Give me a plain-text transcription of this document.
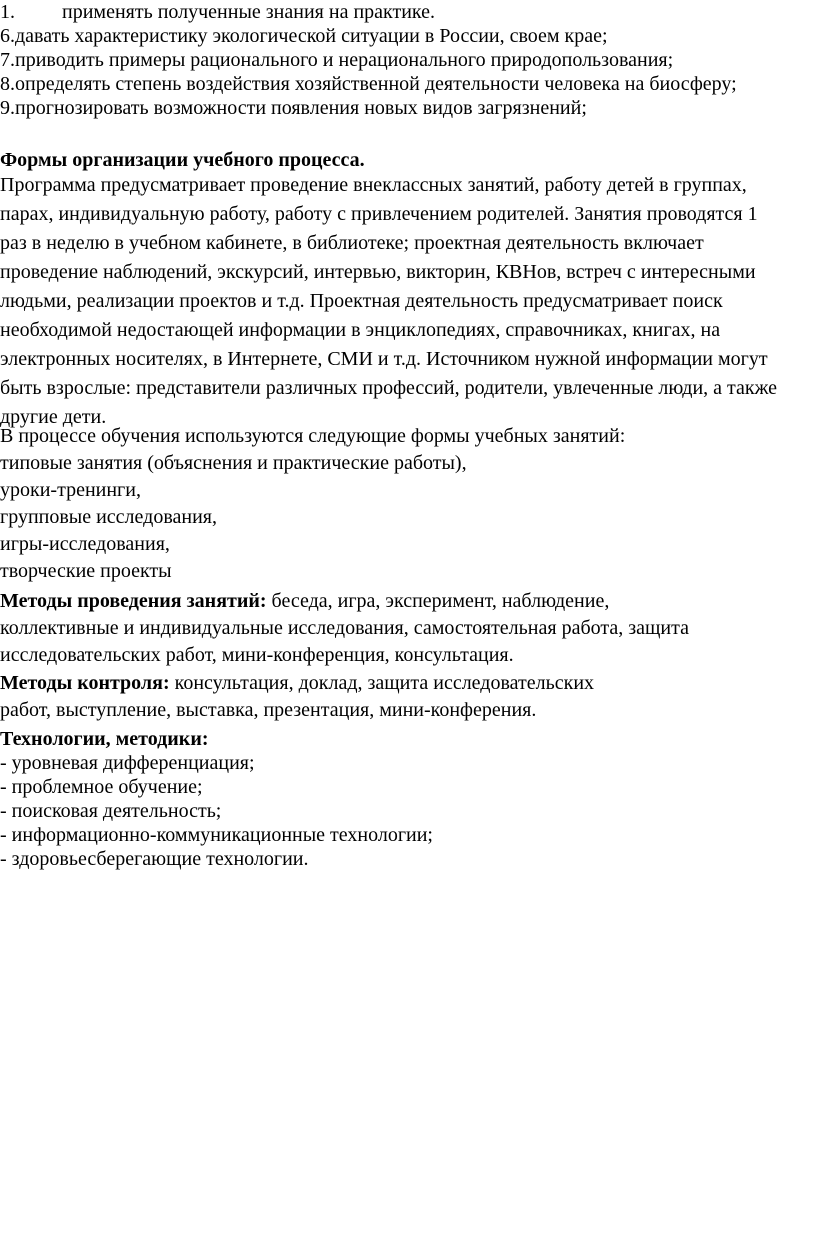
1. применять полученные знания на практике.
6.давать характеристику экологической ситуации в России, своем крае;
7.приводить примеры рационального и нерационального природопользования;
8.определять степень воздействия хозяйственной деятельности человека на биосферу;
9.прогнозировать возможности появления новых видов загрязнений;
Формы организации учебного процесса.
Программа предусматривает проведение внеклассных занятий, работу детей в группах,
парах, индивидуальную работу, работу с привлечением родителей. Занятия проводятся 1
раз в неделю в учебном кабинете, в библиотеке; проектная деятельность включает
проведение наблюдений, экскурсий, интервью, викторин, КВНов, встреч с интересными
людьми, реализации проектов и т.д. Проектная деятельность предусматривает поиск
необходимой недостающей информации в энциклопедиях, справочниках, книгах, на
электронных носителях, в Интернете, СМИ и т.д. Источником нужной информации могут
быть взрослые: представители различных профессий, родители, увлеченные люди, а также
другие дети.
В процессе обучения используются следующие формы учебных занятий:
типовые занятия (объяснения и практические работы),
уроки-тренинги,
групповые исследования,
игры-исследования,
творческие проекты
Методы проведения занятий: беседа, игра, эксперимент, наблюдение,
коллективные и индивидуальные исследования, самостоятельная работа, защита
исследовательских работ, мини-конференция, консультация.
Методы контроля: консультация, доклад, защита исследовательских
работ, выступление, выставка, презентация, мини-конферения.
Технологии, методики:
- уровневая дифференциация;
- проблемное обучение;
- поисковая деятельность;
- информационно-коммуникационные технологии;
- здоровьесберегающие технологии.
